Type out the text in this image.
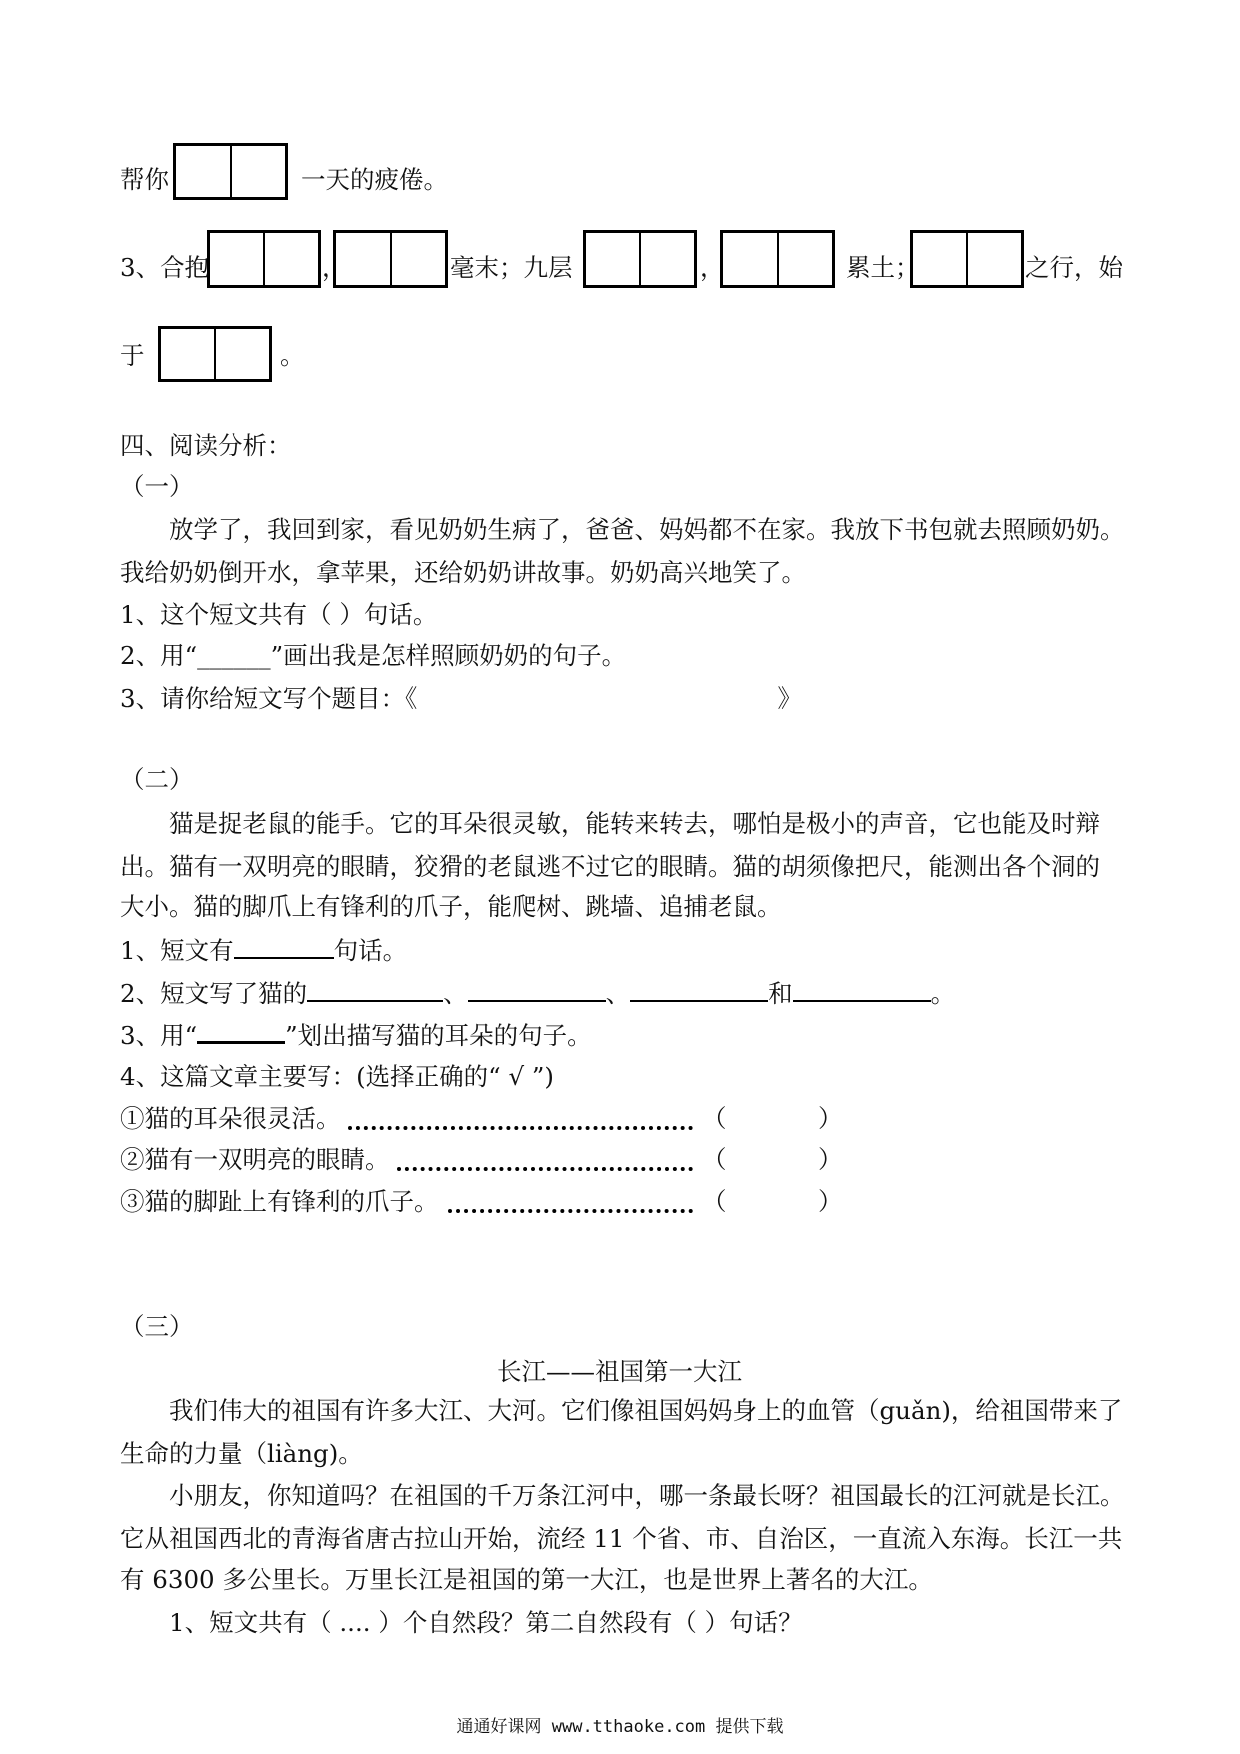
帮你	一天的疲倦。
3、合抱	，	毫末；九层	，	累土；	之行，始
于	。
四、阅读分析：
（一）
放学了，我回到家，看见奶奶生病了，爸爸、妈妈都不在家。我放下书包就去照顾奶奶。
我给奶奶倒开水，拿苹果，还给奶奶讲故事。奶奶高兴地笑了。
1、这个短文共有（ ）句话。
2、用“______”画出我是怎样照顾奶奶的句子。
3、请你给短文写个题目：《	》
（二）
猫是捉老鼠的能手。它的耳朵很灵敏，能转来转去，哪怕是极小的声音，它也能及时辩
出。猫有一双明亮的眼睛，狡猾的老鼠逃不过它的眼睛。猫的胡须像把尺，能测出各个洞的
大小。猫的脚爪上有锋利的爪子，能爬树、跳墙、追捕老鼠。
1、短文有	句话。
2、短文写了猫的	、	、	和	。
3、用“	”划出描写猫的耳朵的句子。
4、这篇文章主要写：(选择正确的“ √ ”)
①猫的耳朵很灵活。	（	）
②猫有一双明亮的眼睛。	（	）
③猫的脚趾上有锋利的爪子。	（	）
（三）
长江——祖国第一大江
我们伟大的祖国有许多大江、大河。它们像祖国妈妈身上的血管（guǎn)，给祖国带来了
生命的力量（liàng)。
小朋友，你知道吗？在祖国的千万条江河中，哪一条最长呀？祖国最长的江河就是长江。
它从祖国西北的青海省唐古拉山开始，流经 11 个省、市、自治区，一直流入东海。长江一共
有 6300 多公里长。万里长江是祖国的第一大江，也是世界上著名的大江。
1、短文共有（ .... ）个自然段？第二自然段有（ ）句话？
通通好课网 www.tthaoke.com 提供下载
